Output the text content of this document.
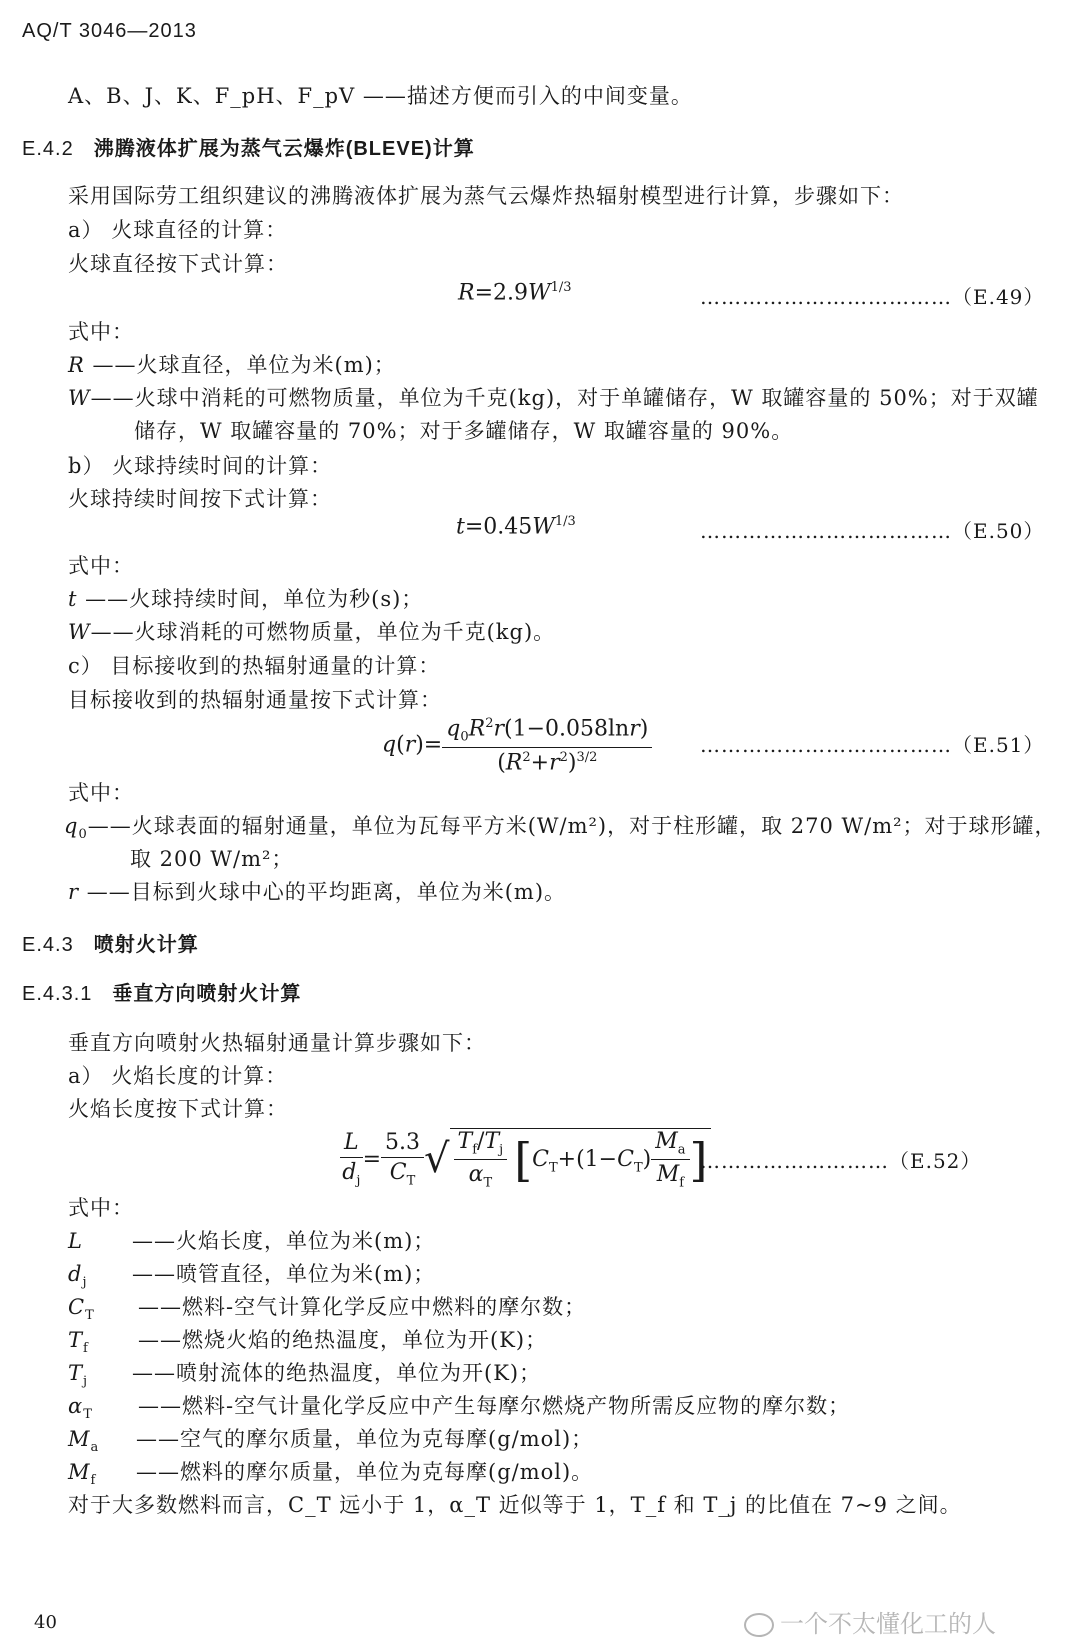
AQ/T 3046—2013
A、B、J、K、F_pH、F_pV ——描述方便而引入的中间变量。
E.4.2 沸腾液体扩展为蒸气云爆炸(BLEVE)计算
采用国际劳工组织建议的沸腾液体扩展为蒸气云爆炸热辐射模型进行计算，步骤如下：
a） 火球直径的计算：
火球直径按下式计算：
$R=2.9W^{1/3}$	………………………………（E.49）
式中：
R ——火球直径，单位为米(m)；
W——火球中消耗的可燃物质量，单位为千克(kg)，对于单罐储存，W 取罐容量的 50%；对于双罐
储存，W 取罐容量的 70%；对于多罐储存，W 取罐容量的 90%。
b） 火球持续时间的计算：
火球持续时间按下式计算：
$t=0.45W^{1/3}$	………………………………（E.50）
式中：
t ——火球持续时间，单位为秒(s)；
W——火球消耗的可燃物质量，单位为千克(kg)。
c） 目标接收到的热辐射通量的计算：
目标接收到的热辐射通量按下式计算：
$q(r)= \frac{q_0R^2r(1-0.058\ln r)}{(R^2+r^2)^{3/2}}$ ………………………………（E.51）
式中：
$q_0——$火球表面的辐射通量，单位为瓦每平方米(W/m²)，对于柱形罐，取 270 W/m²；对于球形罐，
取 200 W/m²；
r ——目标到火球中心的平均距离，单位为米(m)。
E.4.3 喷射火计算
E.4.3.1 垂直方向喷射火计算
垂直方向喷射火热辐射通量计算步骤如下：
a） 火焰长度的计算：
火焰长度按下式计算：
$\frac{L}{d_j} = \frac{5.3}{C_T}$ √ $\frac{T_f/T_j}{\alpha_T} [C_T+(1-C_T) \frac{M_a}{M_f}$ ]
………………………（E.52）
式中：
L ——火焰长度，单位为米(m)；
$d_j$ ——喷管直径，单位为米(m)；
$C_T$ ——燃料-空气计算化学反应中燃料的摩尔数；
$T_f$ ——燃烧火焰的绝热温度，单位为开(K)；
$T_j$ ——喷射流体的绝热温度，单位为开(K)；
$\alpha_T$ ——燃料-空气计量化学反应中产生每摩尔燃烧产物所需反应物的摩尔数；
$M_a$ ——空气的摩尔质量，单位为克每摩(g/mol)；
$M_f$ ——燃料的摩尔质量，单位为克每摩(g/mol)。
对于大多数燃料而言，C_T 远小于 1，α_T 近似等于 1，T_f 和 T_j 的比值在 7~9 之间。
40	一个不太懂化工的人
